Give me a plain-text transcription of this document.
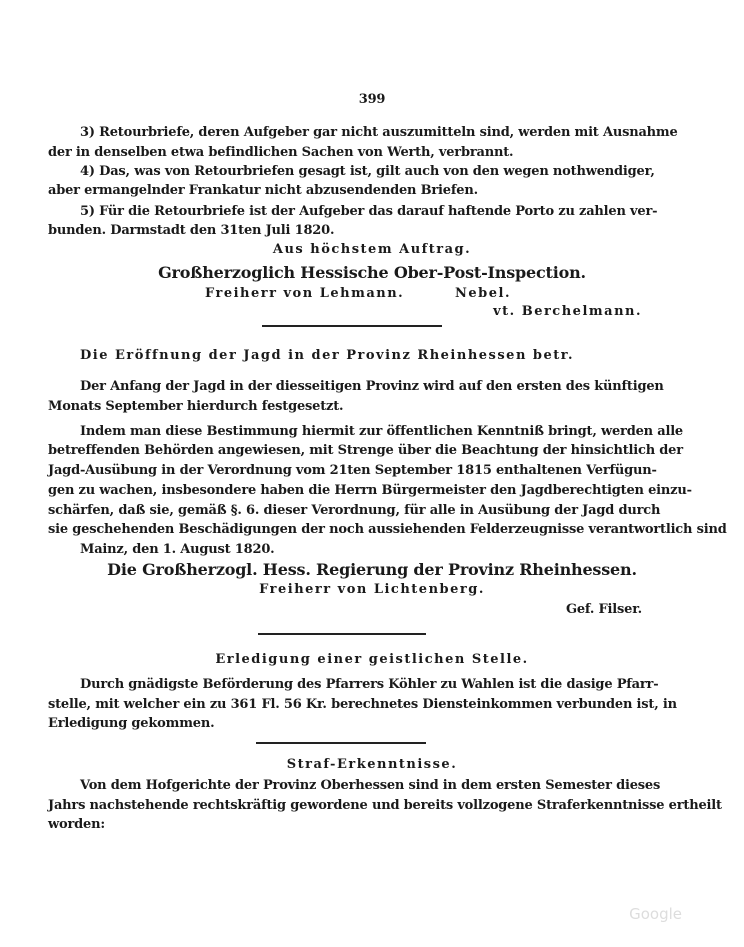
399
3) Retourbriefe, deren Aufgeber gar nicht auszumitteln sind, werden mit Ausnahme
der in denselben etwa befindlichen Sachen von Werth, verbrannt.
4) Das, was von Retourbriefen gesagt ist, gilt auch von den wegen nothwendiger,
aber ermangelnder Frankatur nicht abzusendenden Briefen.
5) Für die Retourbriefe ist der Aufgeber das darauf haftende Porto zu zahlen ver-
bunden. Darmstadt den 31ten Juli 1820.
Aus höchstem Auftrag.
Großherzoglich Hessische Ober-Post-Inspection.
Freiherr von Lehmann.	Nebel.
vt. Berchelmann.
Die Eröffnung der Jagd in der Provinz Rheinhessen betr.
Der Anfang der Jagd in der diesseitigen Provinz wird auf den ersten des künftigen
Monats September hierdurch festgesetzt.
Indem man diese Bestimmung hiermit zur öffentlichen Kenntniß bringt, werden alle
betreffenden Behörden angewiesen, mit Strenge über die Beachtung der hinsichtlich der
Jagd-Ausübung in der Verordnung vom 21ten September 1815 enthaltenen Verfügun-
gen zu wachen, insbesondere haben die Herrn Bürgermeister den Jagdberechtigten einzu-
schärfen, daß sie, gemäß §. 6. dieser Verordnung, für alle in Ausübung der Jagd durch
sie geschehenden Beschädigungen der noch aussiehenden Felderzeugnisse verantwortlich sind
Mainz, den 1. August 1820.
Die Großherzogl. Hess. Regierung der Provinz Rheinhessen.
Freiherr von Lichtenberg.
Gef. Filser.
Erledigung einer geistlichen Stelle.
Durch gnädigste Beförderung des Pfarrers Köhler zu Wahlen ist die dasige Pfarr-
stelle, mit welcher ein zu 361 Fl. 56 Kr. berechnetes Diensteinkommen verbunden ist, in
Erledigung gekommen.
Straf-Erkenntnisse.
Von dem Hofgerichte der Provinz Oberhessen sind in dem ersten Semester dieses
Jahrs nachstehende rechtskräftig gewordene und bereits vollzogene Straferkenntnisse ertheilt
worden:
Google
